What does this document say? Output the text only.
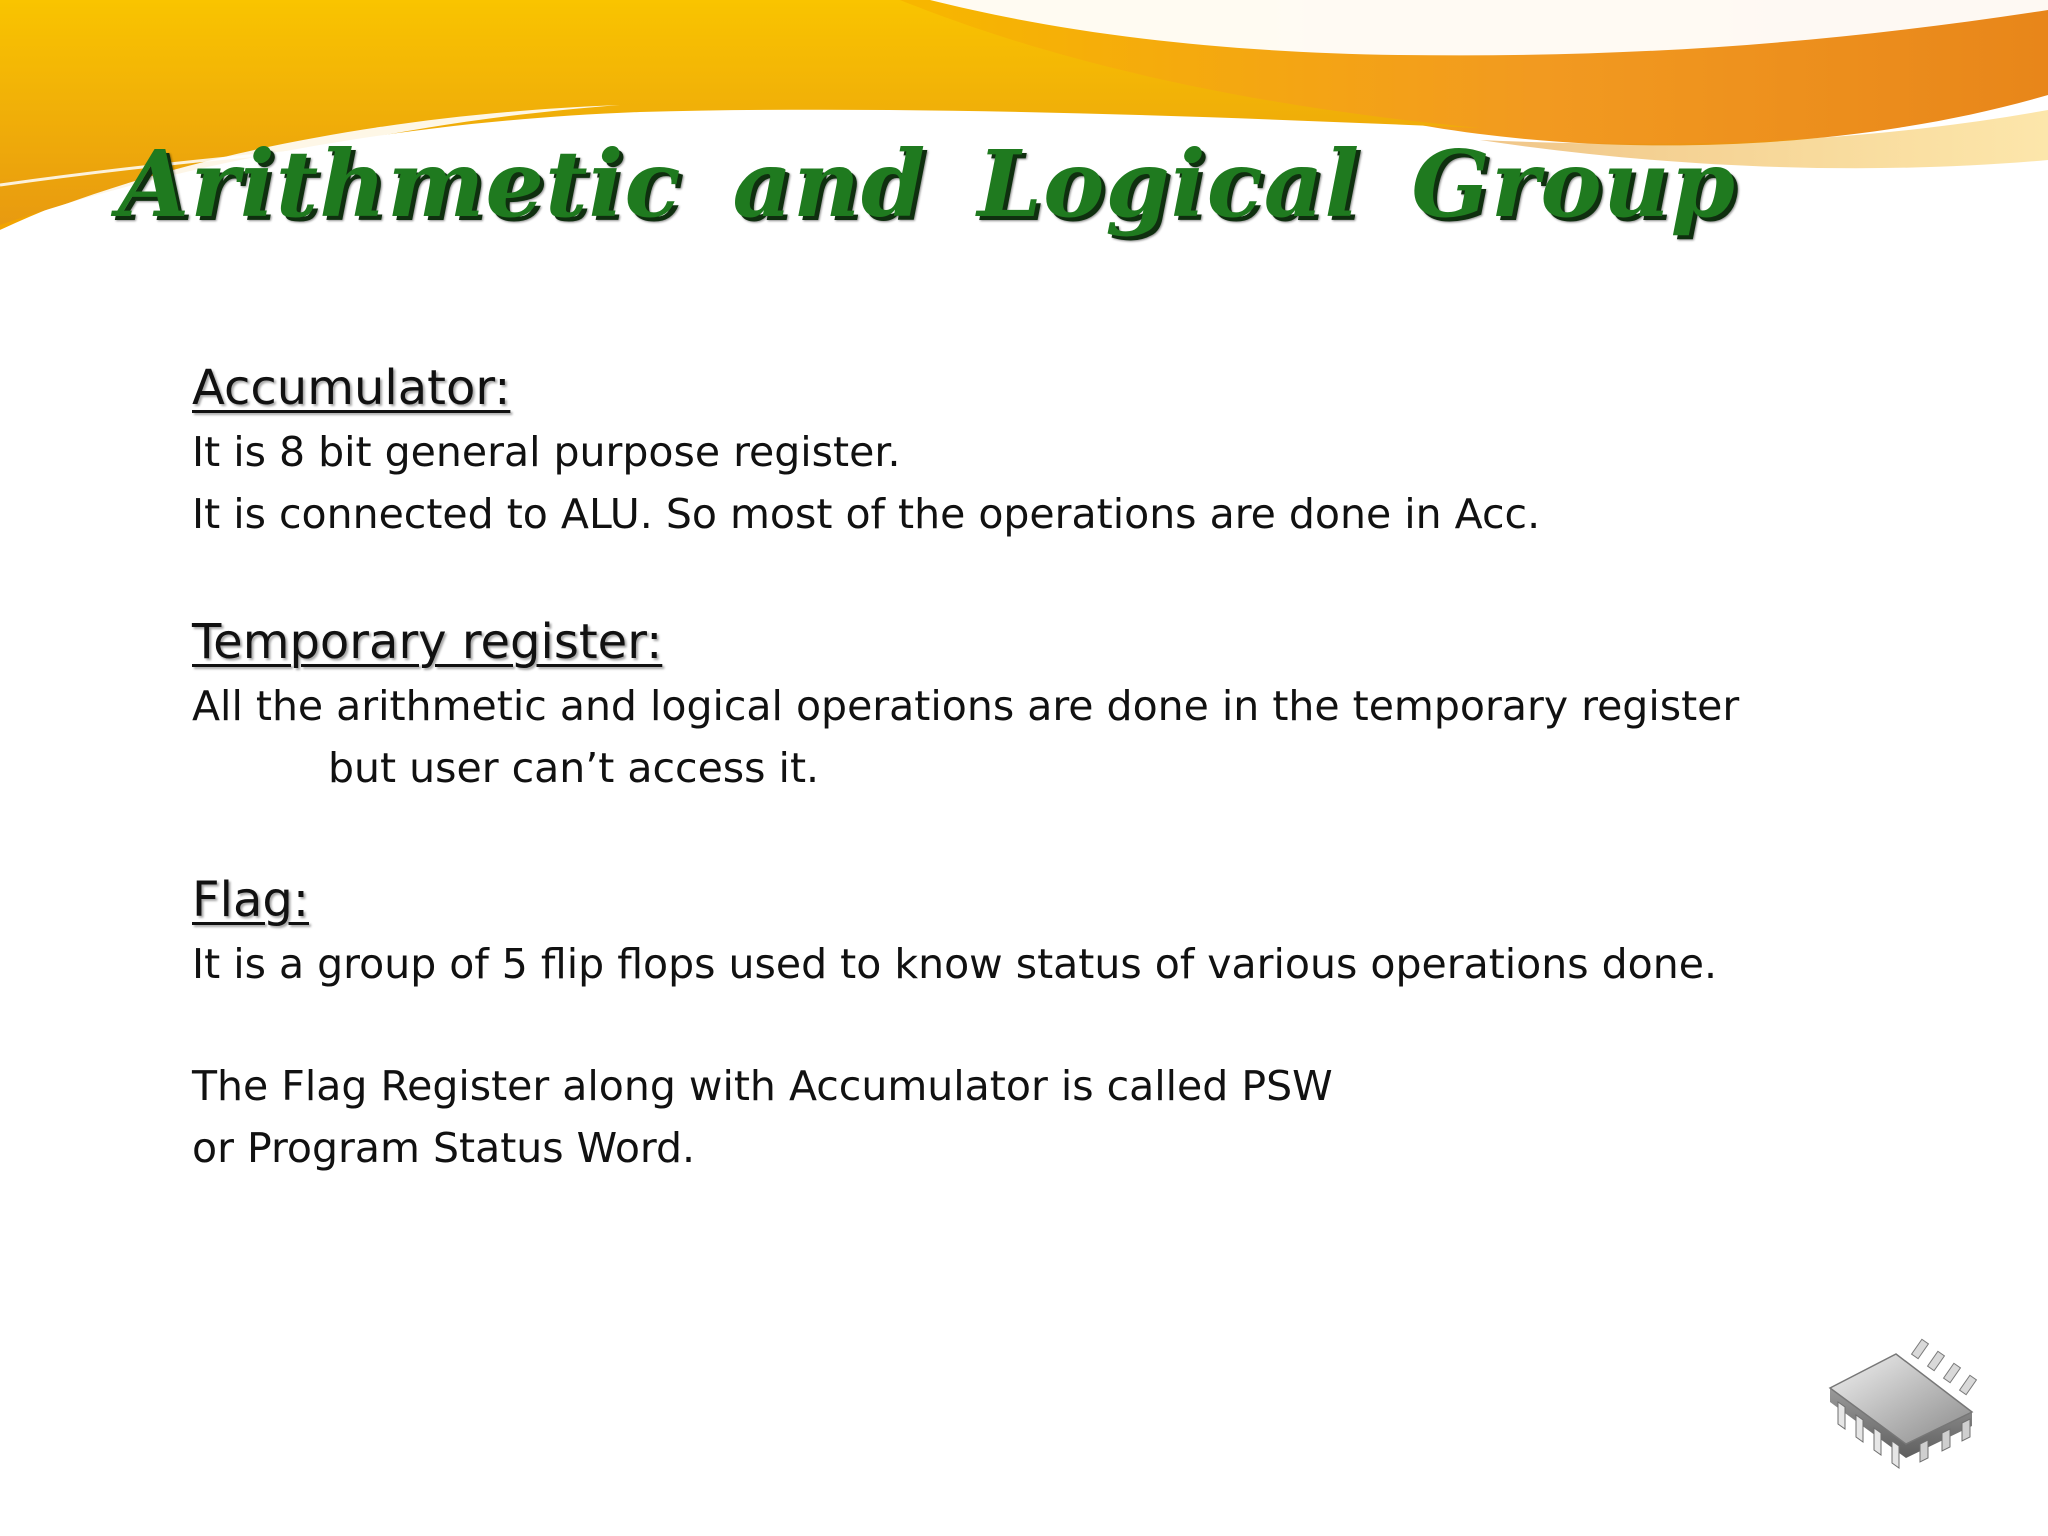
Arithmetic and Logical Group

Accumulator:

It is 8 bit general purpose register.

It is connected to ALU. So most of the operations are done in Acc.

Temporary register:

All the arithmetic and logical operations are done in the temporary register

but user can’t access it.

Flag:

It is a group of 5 flip flops used to know status of various operations done.

The Flag Register along with Accumulator is called PSW

or Program Status Word.
